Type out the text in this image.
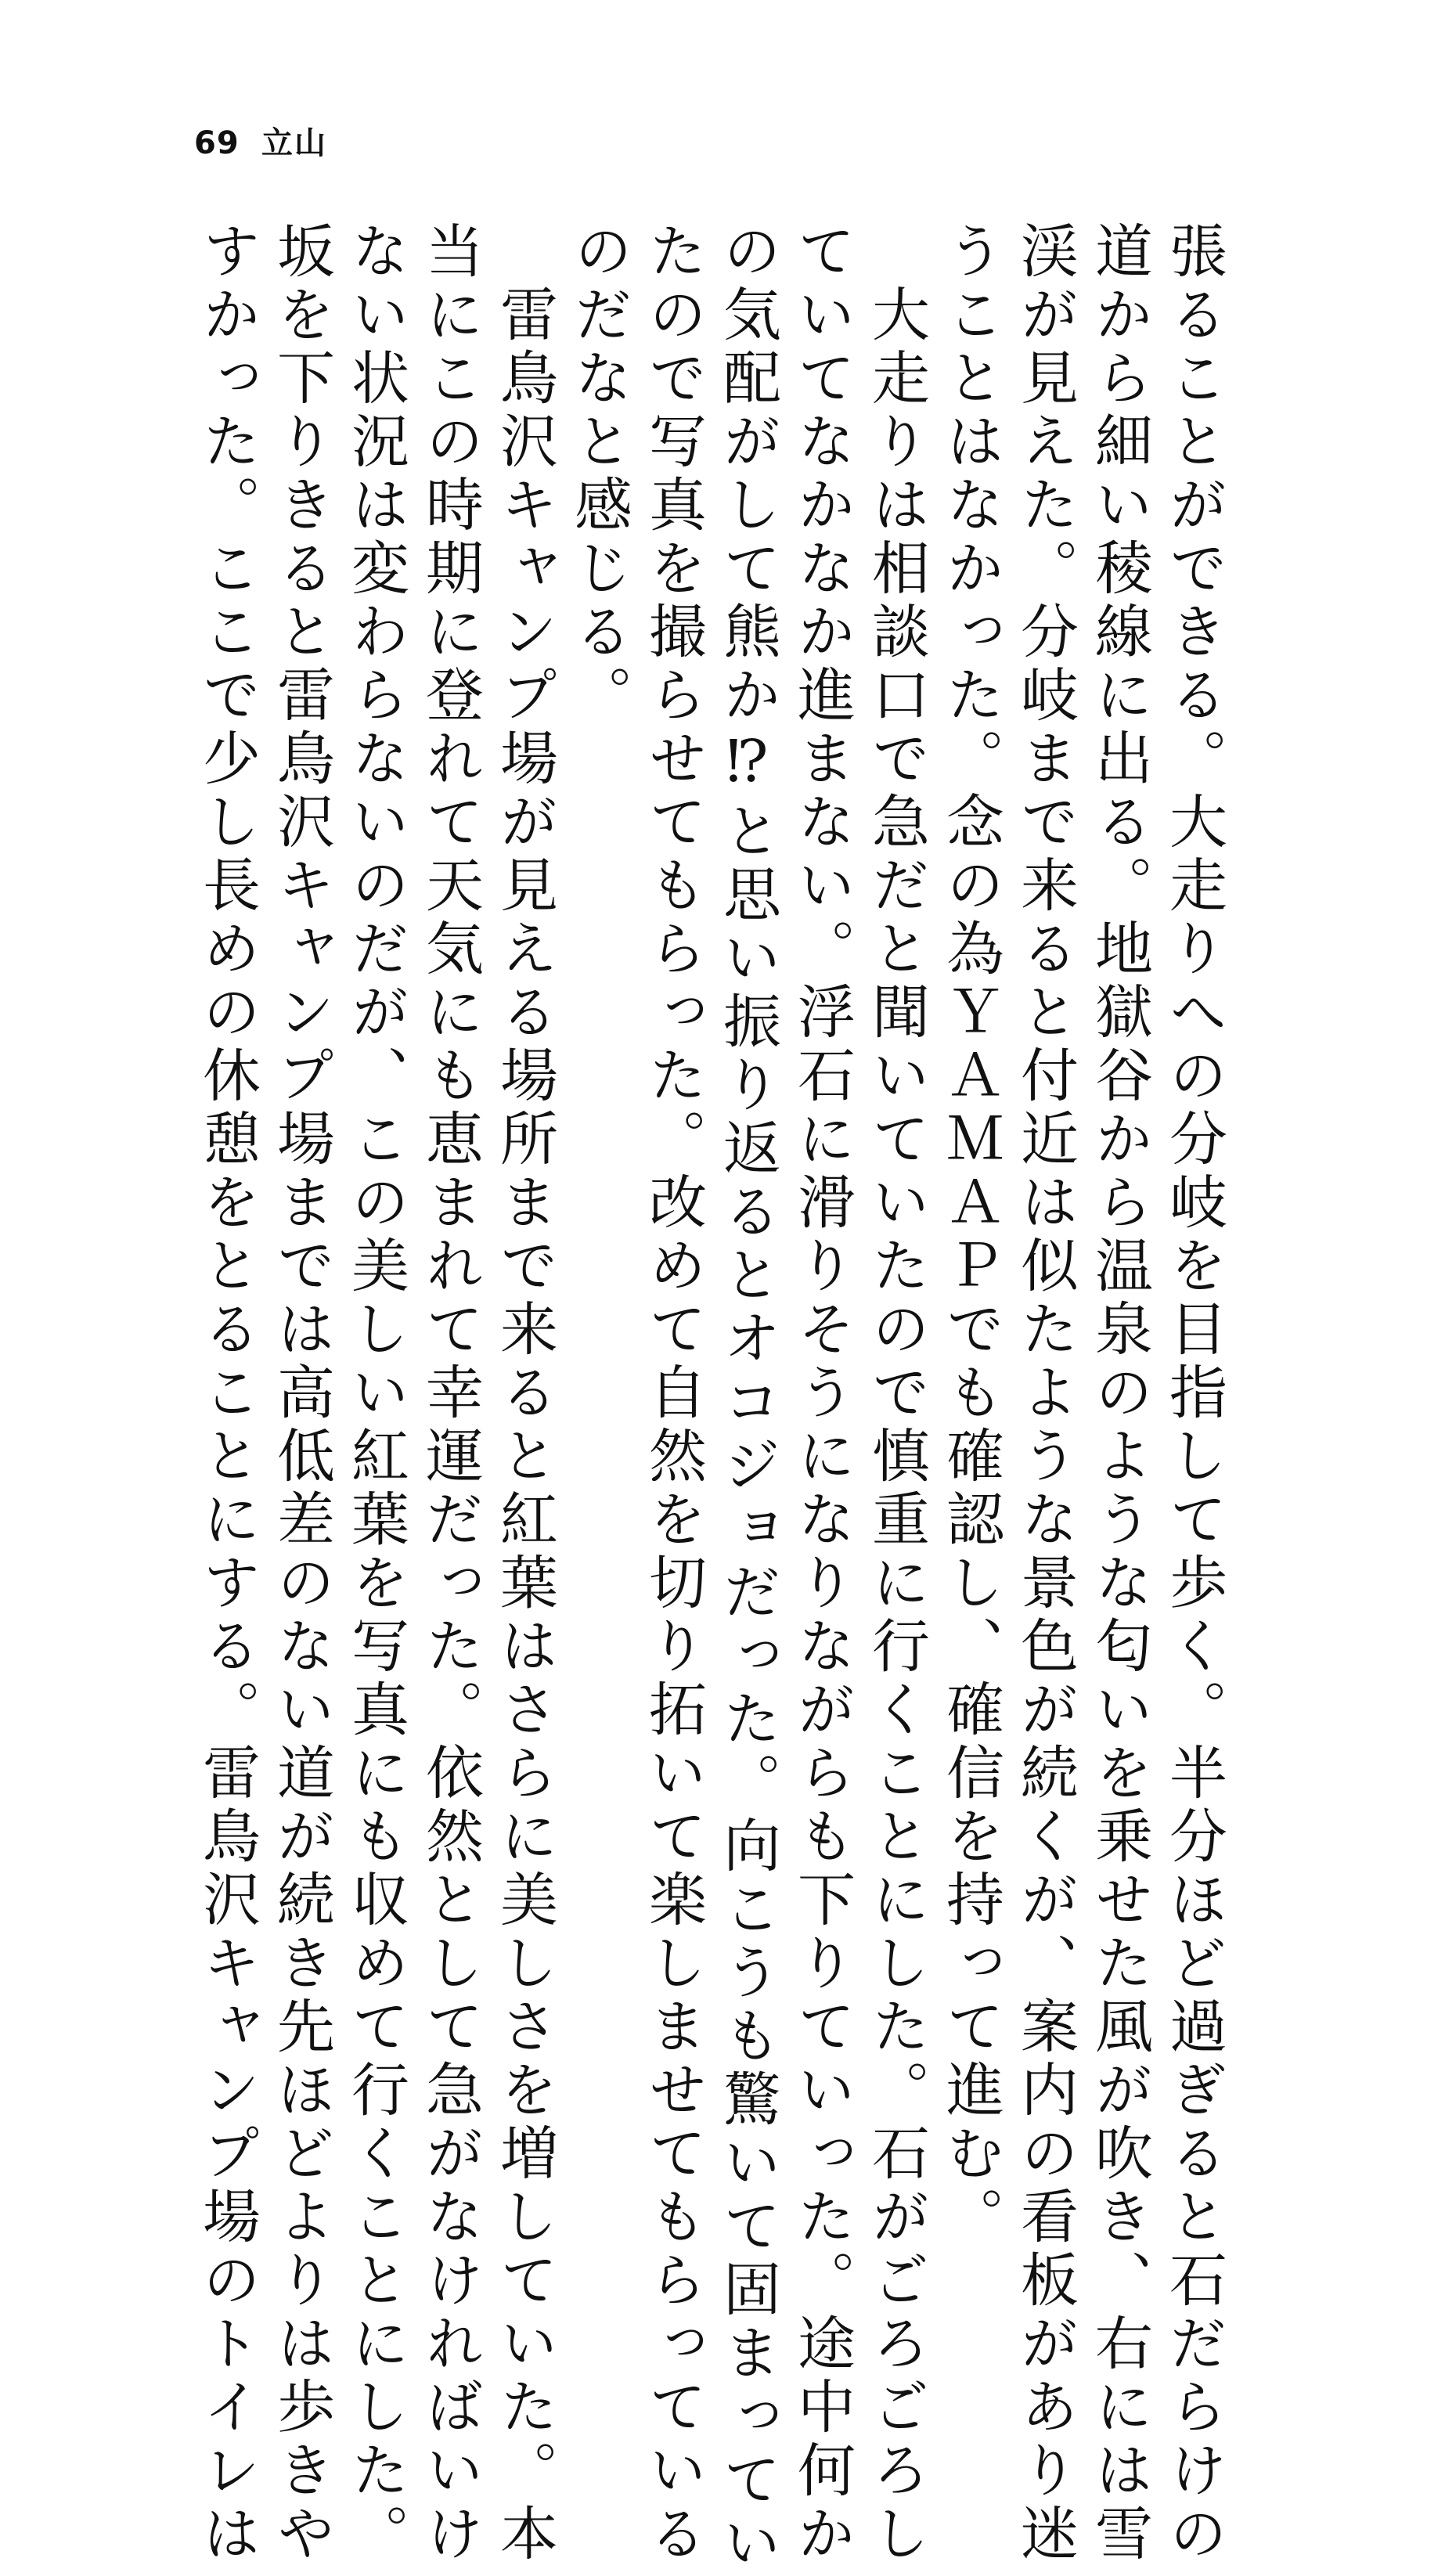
69 立山
張ることができる。大走りへの分岐を目指して歩く。半分ほど過ぎると石だらけの
道から細い稜線に出る。地獄谷から温泉のような匂いを乗せた風が吹き、右には雪
渓が見えた。分岐まで来ると付近は似たような景色が続くが、案内の看板があり迷
うことはなかった。念の為ＹＡＭＡＰでも確認し、確信を持って進む。
大走りは相談口で急だと聞いていたので慎重に行くことにした。石がごろごろし
ていてなかなか進まない。浮石に滑りそうになりながらも下りていった。途中何か
の気配がして熊か⁉と思い振り返るとオコジョだった。向こうも驚いて固まってい
たので写真を撮らせてもらった。改めて自然を切り拓いて楽しませてもらっている
のだなと感じる。
雷鳥沢キャンプ場が見える場所まで来ると紅葉はさらに美しさを増していた。本
当にこの時期に登れて天気にも恵まれて幸運だった。依然として急がなければいけ
ない状況は変わらないのだが、この美しい紅葉を写真にも収めて行くことにした。
坂を下りきると雷鳥沢キャンプ場までは高低差のない道が続き先ほどよりは歩きや
すかった。ここで少し長めの休憩をとることにする。雷鳥沢キャンプ場のトイレは
